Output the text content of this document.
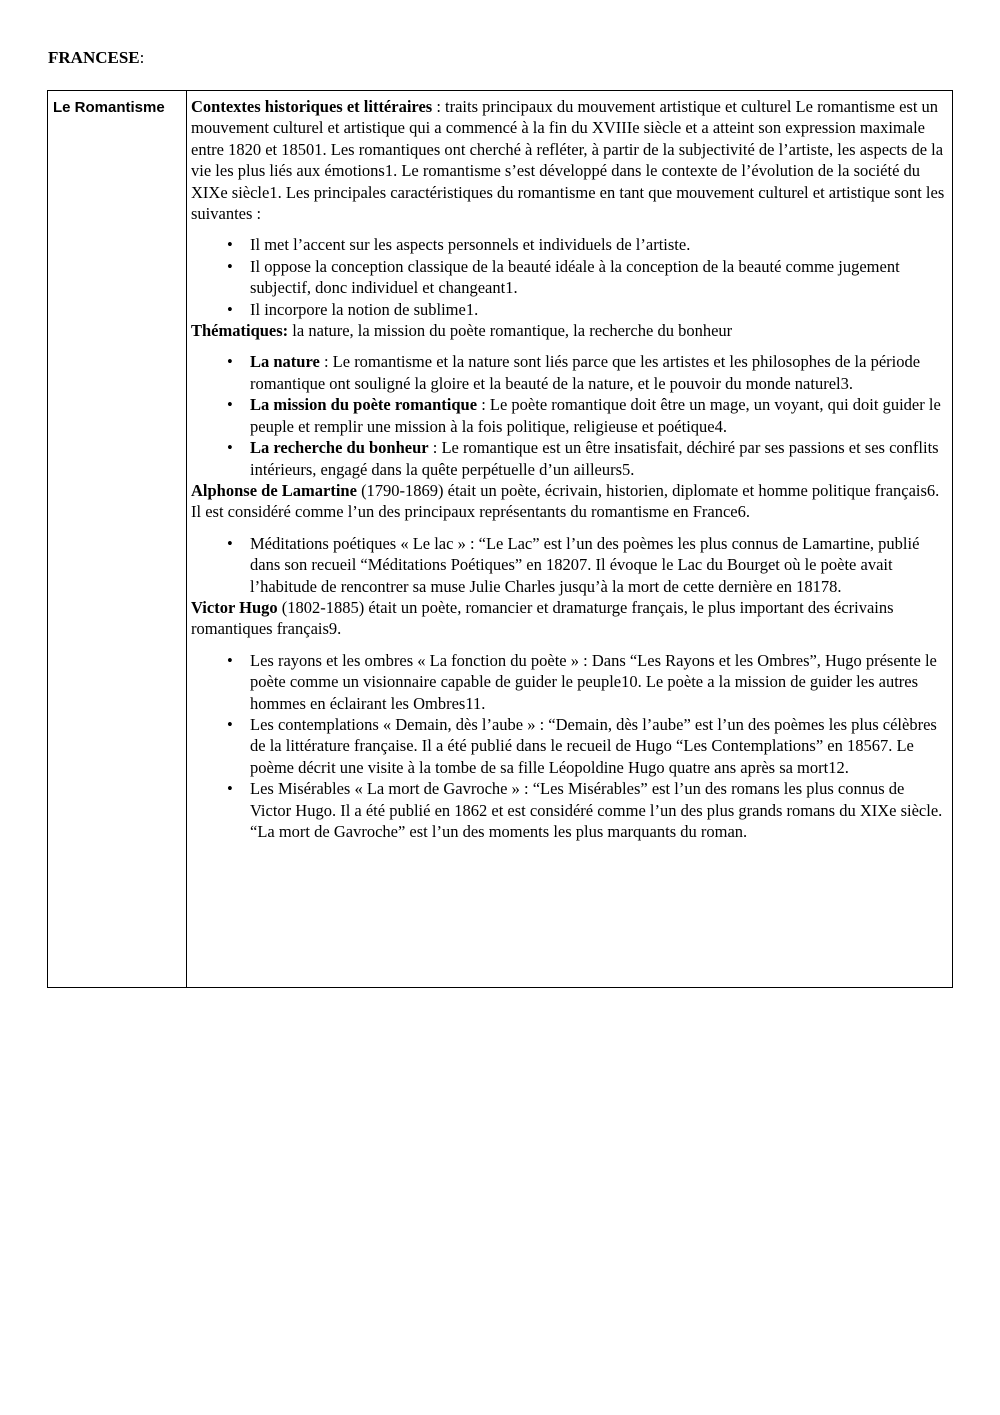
FRANCESE:
Le Romantisme	Contextes historiques et littéraires : traits principaux du mouvement artistique et culturel Le romantisme est un mouvement culturel et artistique qui a commencé à la fin du XVIIIe siècle et a atteint son expression maximale entre 1820 et 18501. Les romantiques ont cherché à refléter, à partir de la subjectivité de l’artiste, les aspects de la vie les plus liés aux émotions1. Le romantisme s’est développé dans le contexte de l’évolution de la société du XIXe siècle1. Les principales caractéristiques du romantisme en tant que mouvement culturel et artistique sont les suivantes :

• Il met l’accent sur les aspects personnels et individuels de l’artiste.
• Il oppose la conception classique de la beauté idéale à la conception de la beauté comme jugement subjectif, donc individuel et changeant1.
• Il incorpore la notion de sublime1.

Thématiques: la nature, la mission du poète romantique, la recherche du bonheur

• La nature : Le romantisme et la nature sont liés parce que les artistes et les philosophes de la période romantique ont souligné la gloire et la beauté de la nature, et le pouvoir du monde naturel3.
• La mission du poète romantique : Le poète romantique doit être un mage, un voyant, qui doit guider le peuple et remplir une mission à la fois politique, religieuse et poétique4.
• La recherche du bonheur : Le romantique est un être insatisfait, déchiré par ses passions et ses conflits intérieurs, engagé dans la quête perpétuelle d’un ailleurs5.

Alphonse de Lamartine (1790-1869) était un poète, écrivain, historien, diplomate et homme politique français6. Il est considéré comme l’un des principaux représentants du romantisme en France6.

• Méditations poétiques « Le lac » : “Le Lac” est l’un des poèmes les plus connus de Lamartine, publié dans son recueil “Méditations Poétiques” en 18207. Il évoque le Lac du Bourget où le poète avait l’habitude de rencontrer sa muse Julie Charles jusqu’à la mort de cette dernière en 18178.

Victor Hugo (1802-1885) était un poète, romancier et dramaturge français, le plus important des écrivains romantiques français9.

• Les rayons et les ombres « La fonction du poète » : Dans “Les Rayons et les Ombres”, Hugo présente le poète comme un visionnaire capable de guider le peuple10. Le poète a la mission de guider les autres hommes en éclairant les Ombres11.
• Les contemplations « Demain, dès l’aube » : “Demain, dès l’aube” est l’un des poèmes les plus célèbres de la littérature française. Il a été publié dans le recueil de Hugo “Les Contemplations” en 18567. Le poème décrit une visite à la tombe de sa fille Léopoldine Hugo quatre ans après sa mort12.
• Les Misérables « La mort de Gavroche » : “Les Misérables” est l’un des romans les plus connus de Victor Hugo. Il a été publié en 1862 et est considéré comme l’un des plus grands romans du XIXe siècle. “La mort de Gavroche” est l’un des moments les plus marquants du roman.
